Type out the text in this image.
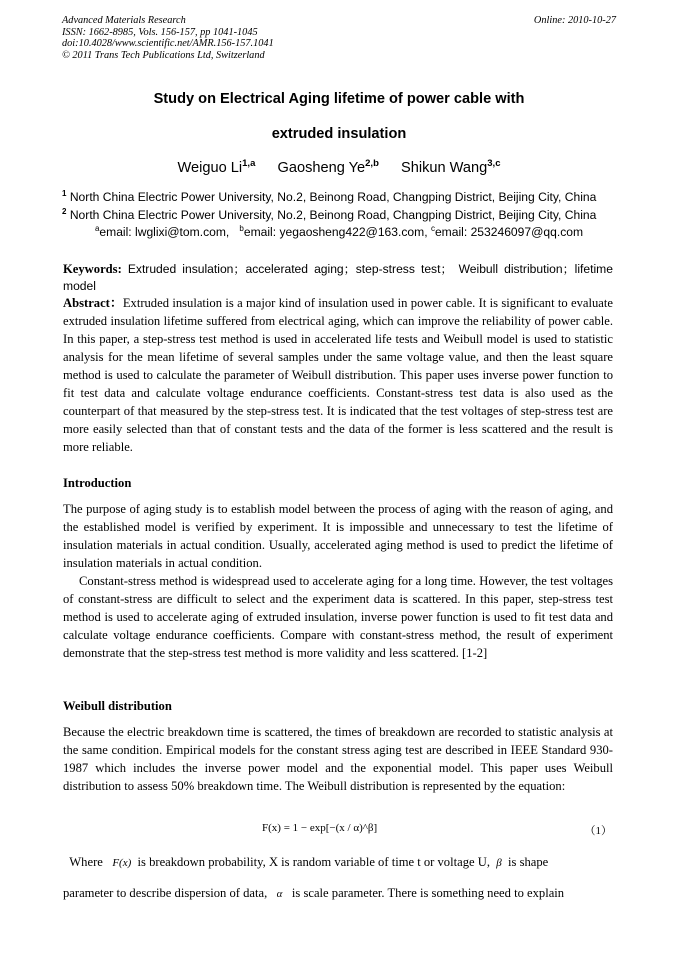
Advanced Materials Research
ISSN: 1662-8985, Vols. 156-157, pp 1041-1045
doi:10.4028/www.scientific.net/AMR.156-157.1041
© 2011 Trans Tech Publications Ltd, Switzerland
Online: 2010-10-27
Study on Electrical Aging lifetime of power cable with
extruded insulation
Weiguo Li$^{1,a}$ Gaosheng Ye$^{2,b}$ Shikun Wang$^{3,c}$
$^1$ North China Electric Power University, No.2, Beinong Road, Changping District, Beijing City, China
$^2$ North China Electric Power University, No.2, Beinong Road, Changping District, Beijing City, China
$^a$email: lwglixi@tom.com, $^b$email: yegaosheng422@163.com, $^c$email: 253246097@qq.com
Keywords: Extruded insulation；accelerated aging；step-stress test； Weibull distribution；lifetime model
Abstract：Extruded insulation is a major kind of insulation used in power cable. It is significant to evaluate extruded insulation lifetime suffered from electrical aging, which can improve the reliability of power cable. In this paper, a step-stress test method is used in accelerated life tests and Weibull model is used to statistic analysis for the mean lifetime of several samples under the same voltage value, and then the least square method is used to calculate the parameter of Weibull distribution. This paper uses inverse power function to fit test data and calculate voltage endurance coefficients. Constant-stress test data is also used as the counterpart of that measured by the step-stress test. It is indicated that the test voltages of step-stress test are more easily selected than that of constant tests and the data of the former is less scattered and the result is more reliable.
Introduction
The purpose of aging study is to establish model between the process of aging with the reason of aging, and the established model is verified by experiment. It is impossible and unnecessary to test the lifetime of insulation materials in actual condition. Usually, accelerated aging method is used to predict the lifetime of insulation materials in actual condition.
Constant-stress method is widespread used to accelerate aging for a long time. However, the test voltages of constant-stress are difficult to select and the experiment data is scattered. In this paper, step-stress test method is used to accelerate aging of extruded insulation, inverse power function is used to fit test data and calculate voltage endurance coefficients. Compare with constant-stress method, the result of experiment demonstrate that the step-stress test method is more validity and less scattered. [1-2]
Weibull distribution
Because the electric breakdown time is scattered, the times of breakdown are recorded to statistic analysis at the same condition. Empirical models for the constant stress aging test are described in IEEE Standard 930-1987 which includes the inverse power model and the exponential model. This paper uses Weibull distribution to assess 50% breakdown time. The Weibull distribution is represented by the equation:
F(x) = 1 − exp[−(x / α)^β]	（1）
Where F(x) is breakdown probability, X is random variable of time t or voltage U, β is shape
parameter to describe dispersion of data, α is scale parameter. There is something need to explain
